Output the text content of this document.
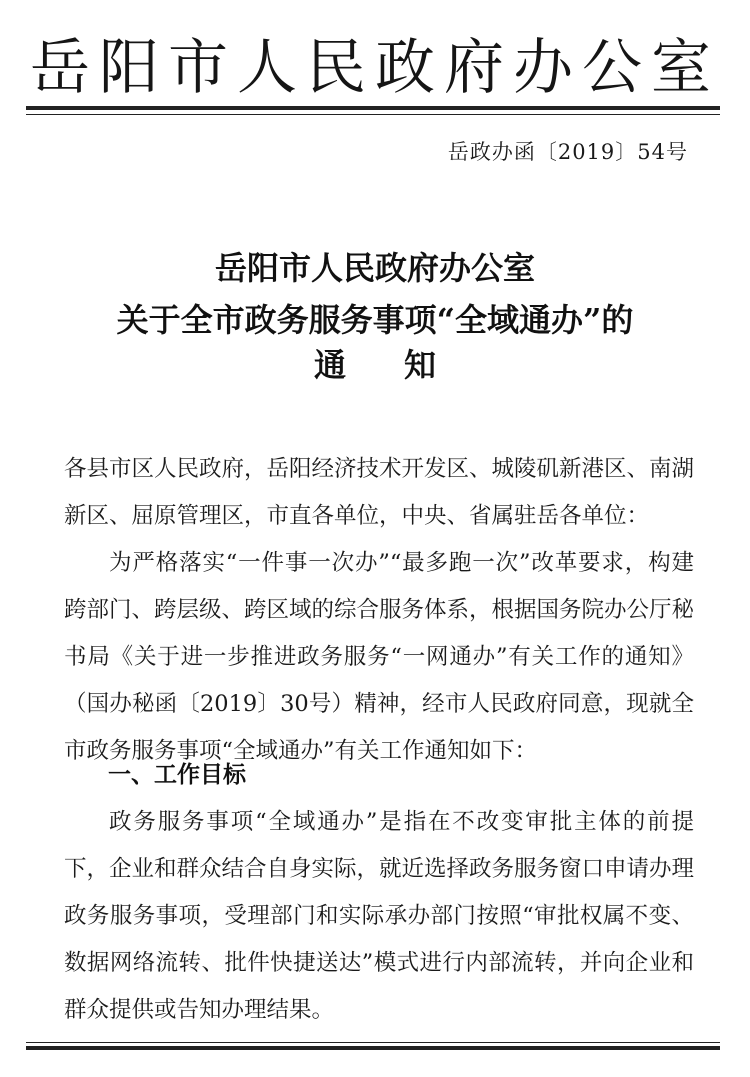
岳阳市人民政府办公室
岳政办函〔2019〕54号
岳阳市人民政府办公室
关于全市政务服务事项“全域通办”的
通 知

各县市区人民政府，岳阳经济技术开发区、城陵矶新港区、南湖新区、屈原管理区，市直各单位，中央、省属驻岳各单位：

为严格落实“一件事一次办”“最多跑一次”改革要求，构建跨部门、跨层级、跨区域的综合服务体系，根据国务院办公厅秘书局《关于进一步推进政务服务“一网通办”有关工作的通知》（国办秘函〔2019〕30号）精神，经市人民政府同意，现就全市政务服务事项“全域通办”有关工作通知如下：

一、工作目标

政务服务事项“全域通办”是指在不改变审批主体的前提下，企业和群众结合自身实际，就近选择政务服务窗口申请办理政务服务事项，受理部门和实际承办部门按照“审批权属不变、数据网络流转、批件快捷送达”模式进行内部流转，并向企业和群众提供或告知办理结果。
